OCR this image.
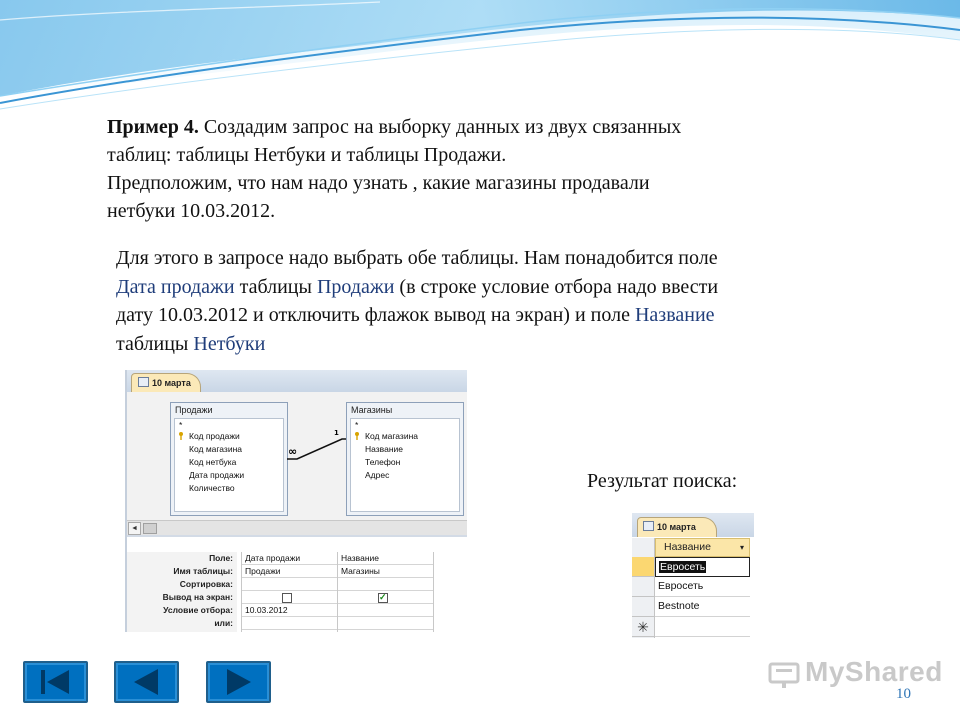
Пример 4. Создадим запрос на выборку данных из двух связанных
таблиц: таблицы Нетбуки и таблицы Продажи.
Предположим, что нам надо узнать , какие магазины продавали
нетбуки 10.03.2012.

Для этого в запросе надо выбрать обе таблицы. Нам понадобится поле
Дата продажи таблицы Продажи (в строке условие отбора надо ввести
дату 10.03.2012 и отключить флажок вывод на экран) и поле Название
таблицы Нетбуки

10 марта
Продажи
*
Код продажи
Код магазина
Код нетбука
Дата продажи
Количество
∞
1
Магазины
*
Код магазина
Название
Телефон
Адрес
◄
Поле:
Имя таблицы:
Сортировка:
Вывод на экран:
Условие отбора:
или:
Дата продажи
Продажи
10.03.2012
Название
Магазины
✓
Результат поиска:
10 марта
Название	▾
Евросеть
Евросеть
Bestnote
✳
MyShared
10
